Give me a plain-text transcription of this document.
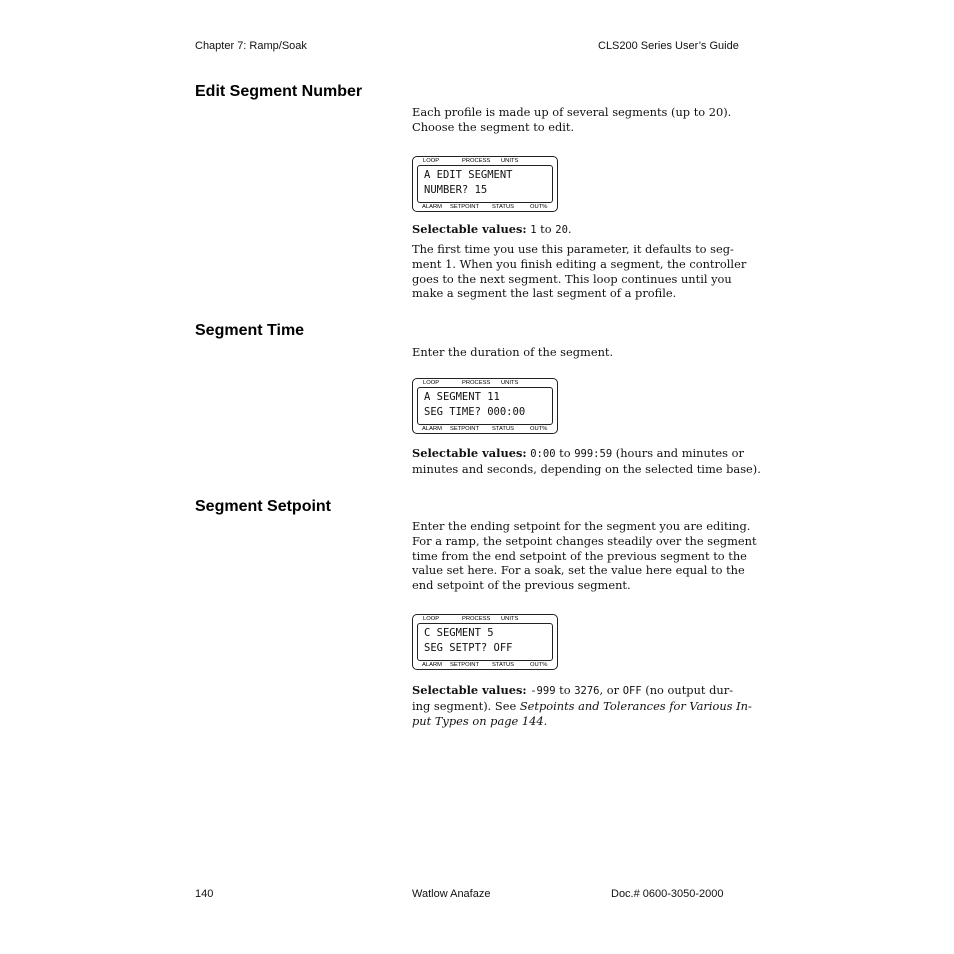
Chapter 7: Ramp/Soak	CLS200 Series User’s Guide
Edit Segment Number
Each profile is made up of several segments (up to 20).
Choose the segment to edit.
LOOP	PROCESS UNITS
A EDIT SEGMENT
NUMBER? 15
ALARM SETPOINT STATUS	OUT%
Selectable values: 1 to 20.
The first time you use this parameter, it defaults to seg-
ment 1. When you finish editing a segment, the controller
goes to the next segment. This loop continues until you
make a segment the last segment of a profile.
Segment Time
Enter the duration of the segment.
LOOP	PROCESS UNITS
A SEGMENT 11
SEG TIME? 000:00
ALARM SETPOINT STATUS	OUT%
Selectable values: 0:00 to 999:59 (hours and minutes or
minutes and seconds, depending on the selected time base).
Segment Setpoint
Enter the ending setpoint for the segment you are editing.
For a ramp, the setpoint changes steadily over the segment
time from the end setpoint of the previous segment to the
value set here. For a soak, set the value here equal to the
end setpoint of the previous segment.
LOOP	PROCESS UNITS
C SEGMENT 5
SEG SETPT? OFF
ALARM SETPOINT STATUS	OUT%
Selectable values: -999 to 3276, or OFF (no output dur-
ing segment). See Setpoints and Tolerances for Various In-
put Types on page 144.
140	Watlow Anafaze	Doc.# 0600-3050-2000
